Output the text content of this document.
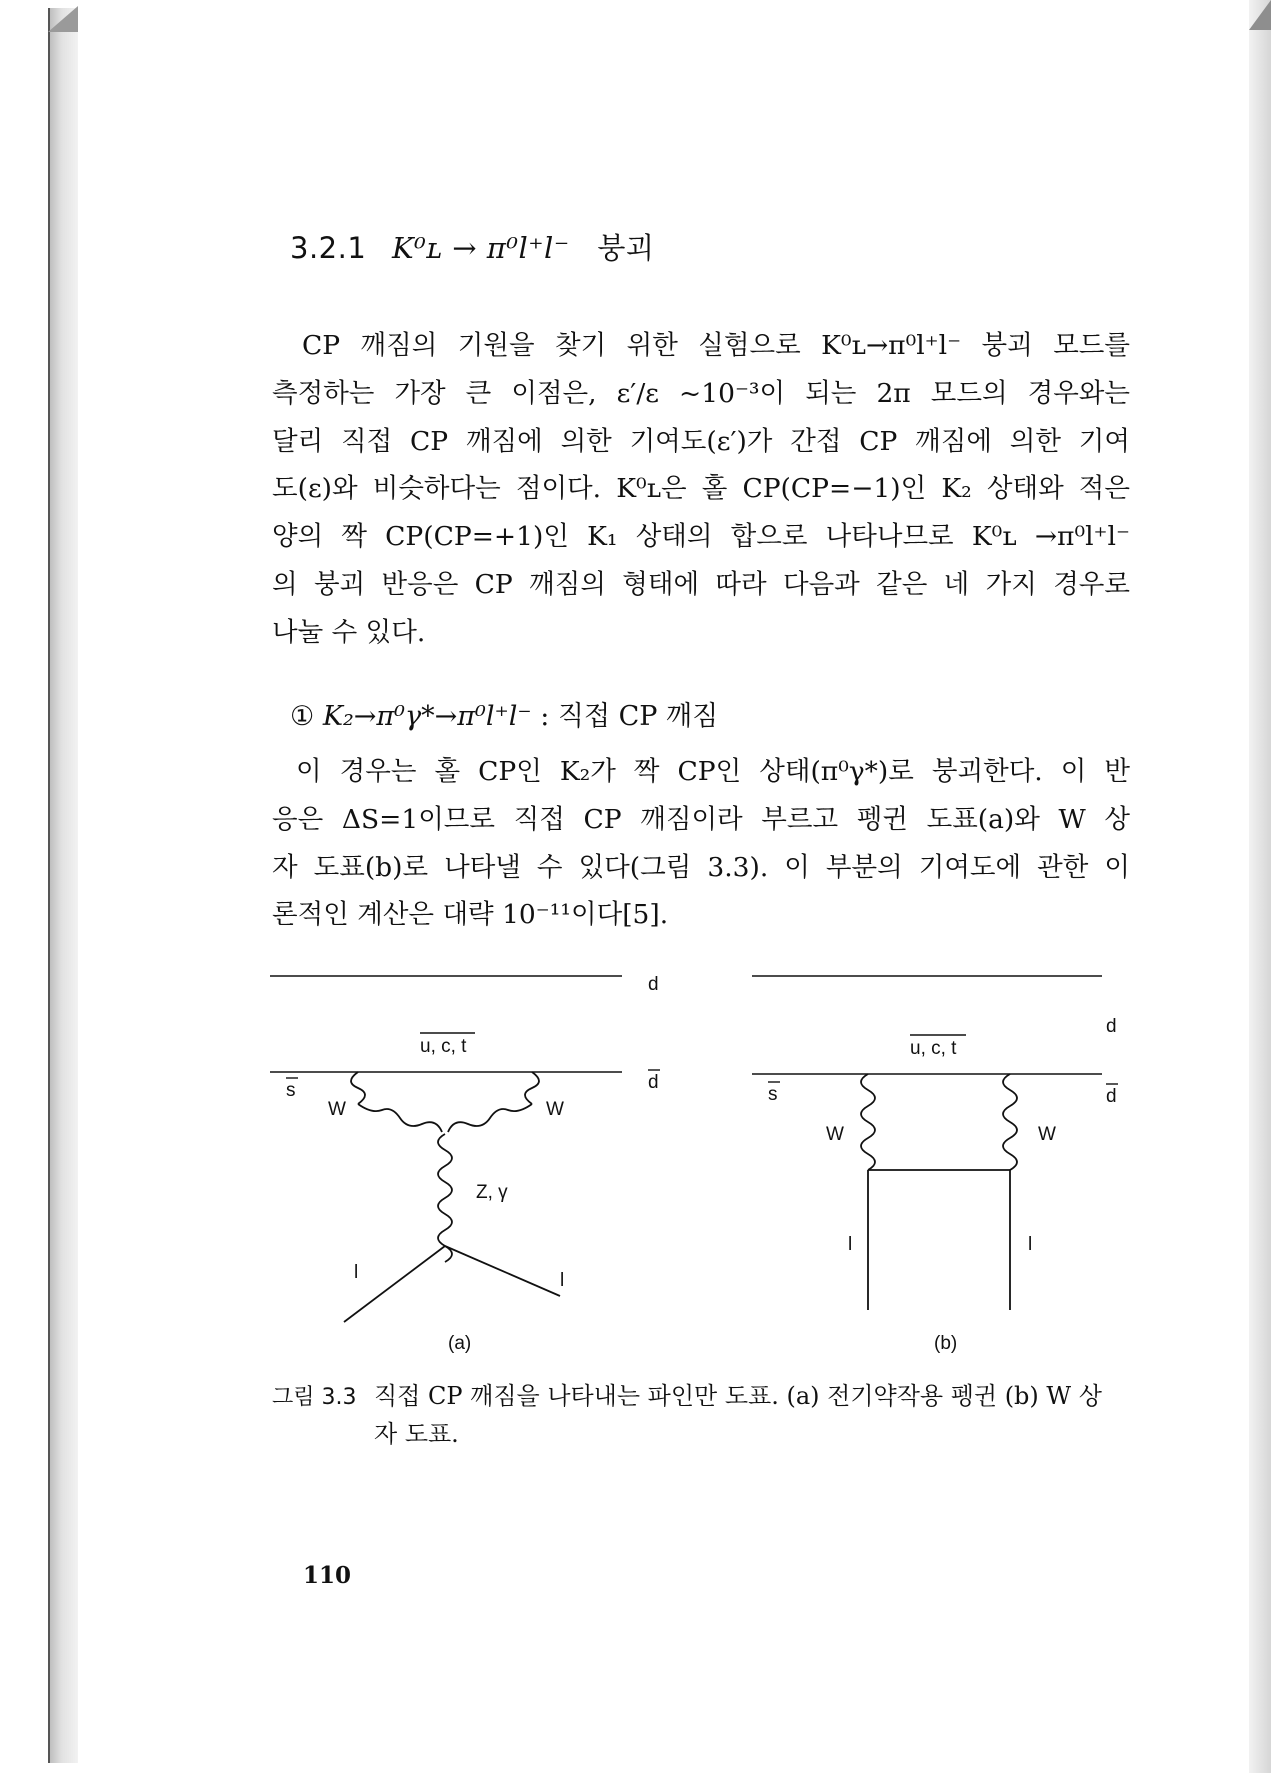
3.2.1 K⁰ʟ → π⁰l⁺l⁻ 붕괴
CP 깨짐의 기원을 찾기 위한 실험으로 K⁰ʟ→π⁰l⁺l⁻ 붕괴 모드를
측정하는 가장 큰 이점은, ε′/ε ~10⁻³이 되는 2π 모드의 경우와는
달리 직접 CP 깨짐에 의한 기여도(ε′)가 간접 CP 깨짐에 의한 기여
도(ε)와 비슷하다는 점이다. K⁰ʟ은 홀 CP(CP=−1)인 K₂ 상태와 적은
양의 짝 CP(CP=+1)인 K₁ 상태의 합으로 나타나므로 K⁰ʟ →π⁰l⁺l⁻
의 붕괴 반응은 CP 깨짐의 형태에 따라 다음과 같은 네 가지 경우로
나눌 수 있다.
① K₂→π⁰γ*→π⁰l⁺l⁻ : 직접 CP 깨짐
이 경우는 홀 CP인 K₂가 짝 CP인 상태(π⁰γ*)로 붕괴한다. 이 반
응은 ΔS=1이므로 직접 CP 깨짐이라 부르고 펭귄 도표(a)와 W 상
자 도표(b)로 나타낼 수 있다(그림 3.3). 이 부분의 기여도에 관한 이
론적인 계산은 대략 10⁻¹¹이다[5].
d
u, c, t
s	d
W	W
Z, γ
l	l
(a)
d
u, c, t
s	d
W	W
l	l
(b)
그림 3.3 직접 CP 깨짐을 나타내는 파인만 도표. (a) 전기약작용 펭귄 (b) W 상
자 도표.
110
